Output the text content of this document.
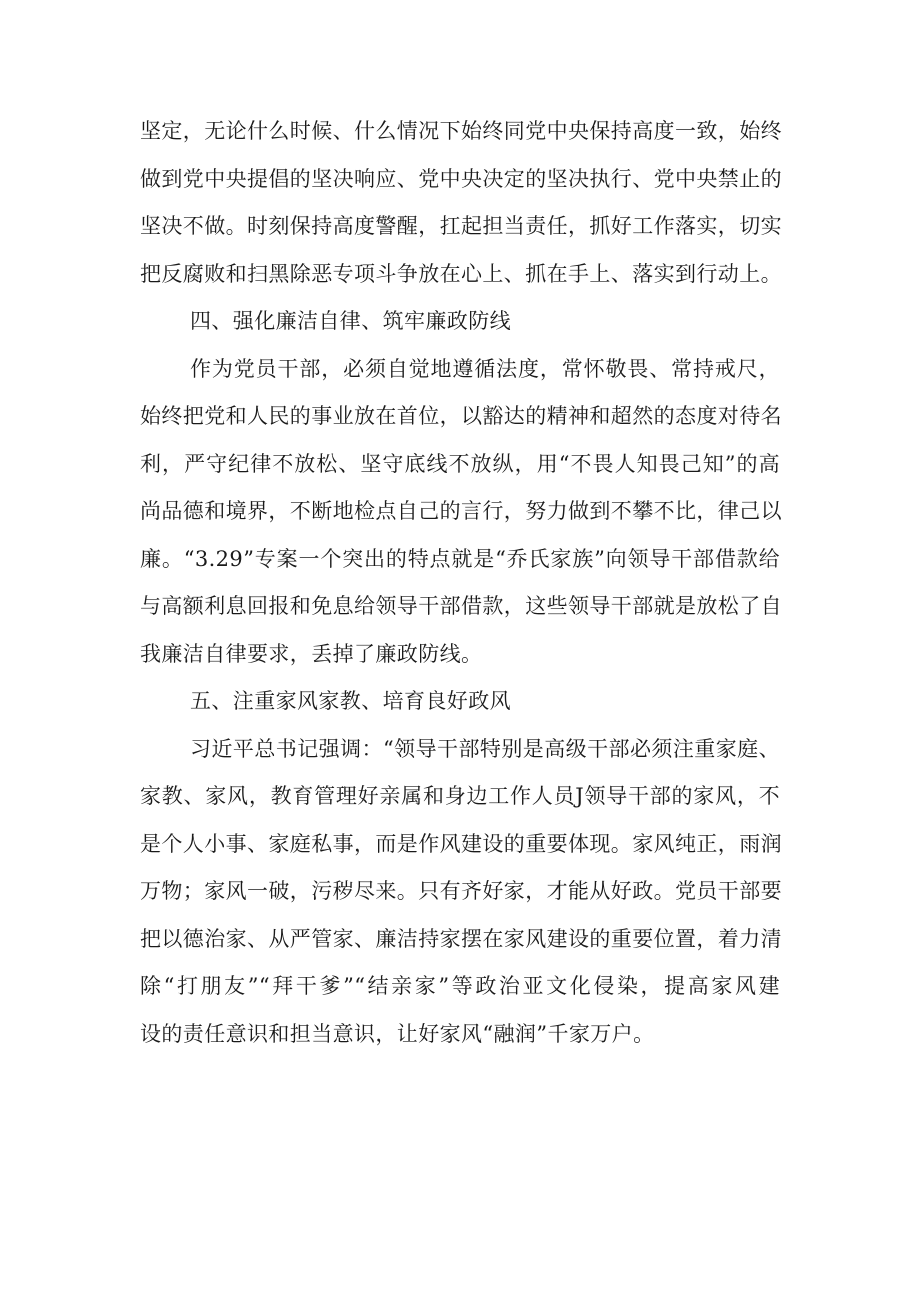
坚定，无论什么时候、什么情况下始终同党中央保持高度一致，始终
做到党中央提倡的坚决响应、党中央决定的坚决执行、党中央禁止的
坚决不做。时刻保持高度警醒，扛起担当责任，抓好工作落实，切实
把反腐败和扫黑除恶专项斗争放在心上、抓在手上、落实到行动上。
四、强化廉洁自律、筑牢廉政防线
作为党员干部，必须自觉地遵循法度，常怀敬畏、常持戒尺，
始终把党和人民的事业放在首位，以豁达的精神和超然的态度对待名
利，严守纪律不放松、坚守底线不放纵，用“不畏人知畏己知”的高
尚品德和境界，不断地检点自己的言行，努力做到不攀不比，律己以
廉。“3.29”专案一个突出的特点就是“乔氏家族”向领导干部借款给
与高额利息回报和免息给领导干部借款，这些领导干部就是放松了自
我廉洁自律要求，丢掉了廉政防线。
五、注重家风家教、培育良好政风
习近平总书记强调：“领导干部特别是高级干部必须注重家庭、
家教、家风，教育管理好亲属和身边工作人员J领导干部的家风，不
是个人小事、家庭私事，而是作风建设的重要体现。家风纯正，雨润
万物；家风一破，污秽尽来。只有齐好家，才能从好政。党员干部要
把以德治家、从严管家、廉洁持家摆在家风建设的重要位置，着力清
除“打朋友”“拜干爹”“结亲家”等政治亚文化侵染，提高家风建
设的责任意识和担当意识，让好家风“融润”千家万户。
